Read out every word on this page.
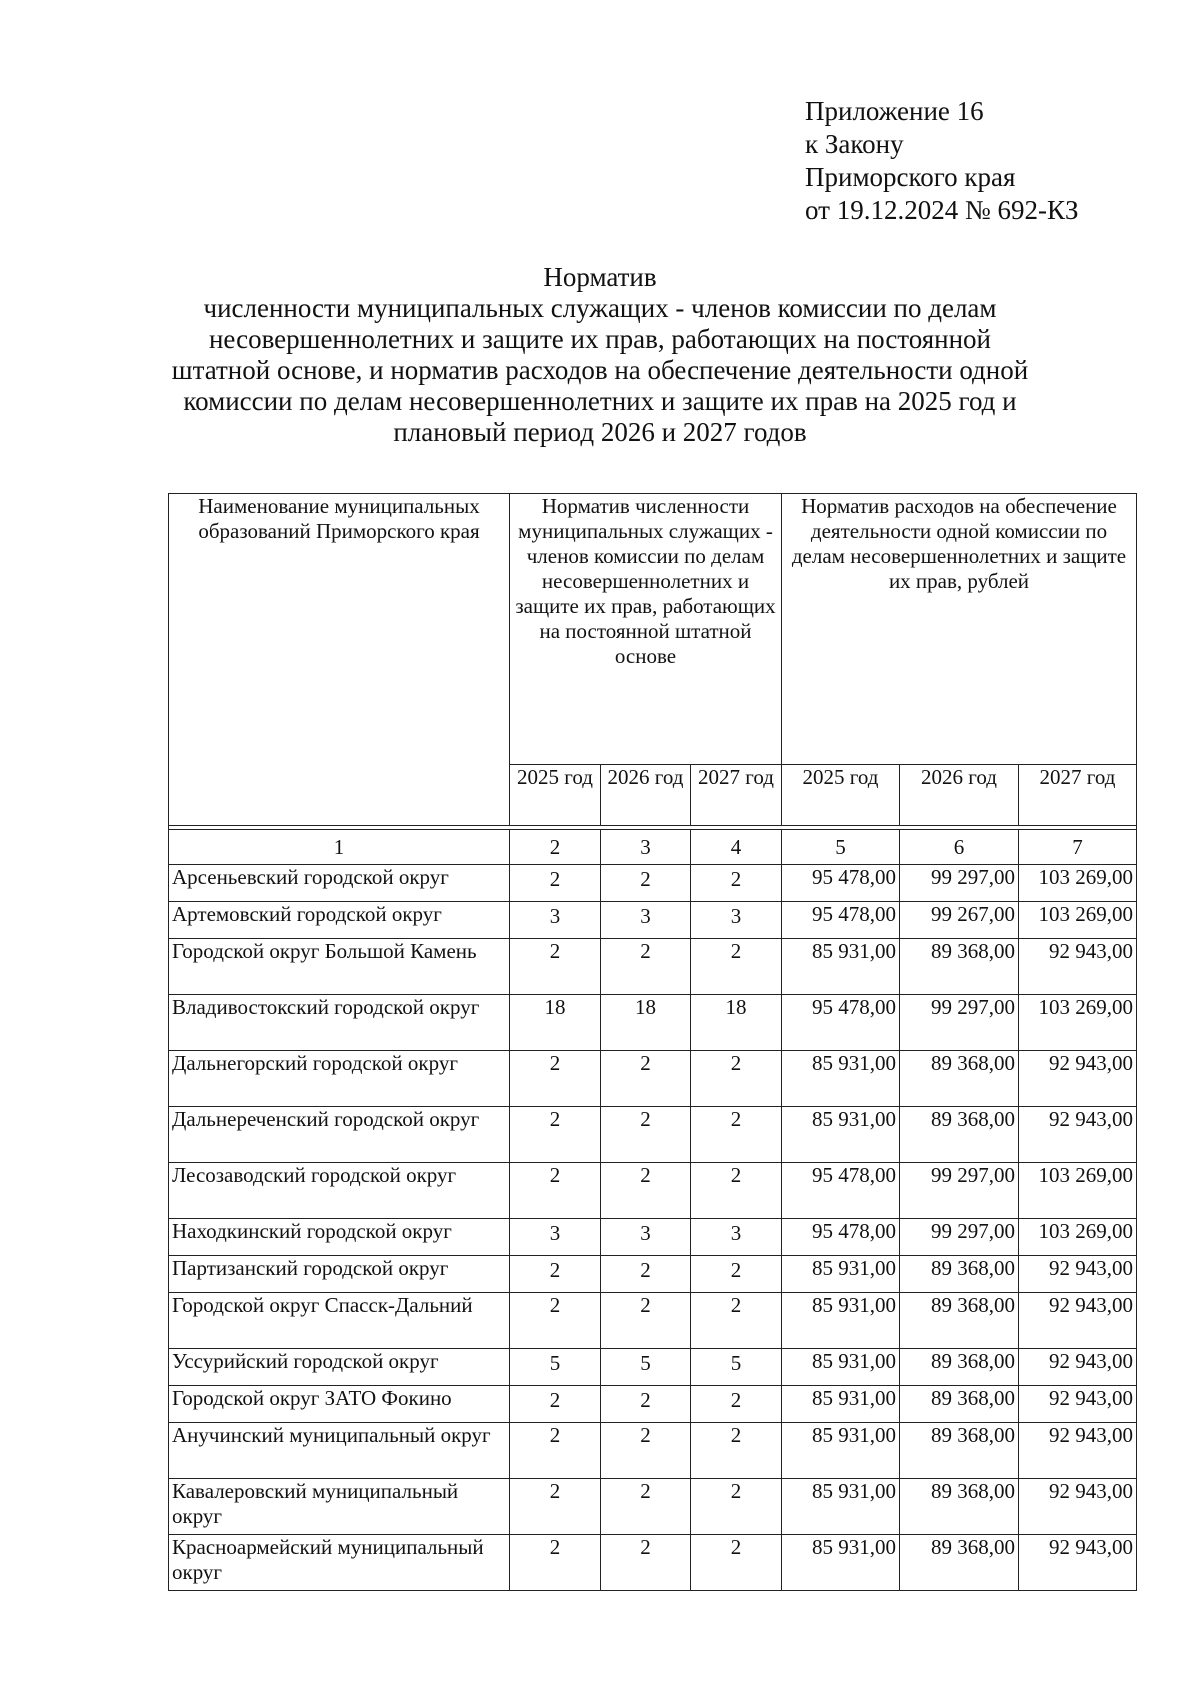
Приложение 16
к Закону
Приморского края
от 19.12.2024 № 692-КЗ
Норматив
численности муниципальных служащих - членов комиссии по делам
несовершеннолетних и защите их прав, работающих на постоянной
штатной основе, и норматив расходов на обеспечение деятельности одной
комиссии по делам несовершеннолетних и защите их прав на 2025 год и
плановый период 2026 и 2027 годов
Наименование муниципальных образований Приморского края	Норматив численности муниципальных служащих - членов комиссии по делам несовершеннолетних и защите их прав, работающих на постоянной штатной основе			Норматив расходов на обеспечение деятельности одной комиссии по делам несовершеннолетних и защите их прав, рублей		
	2025 год	2026 год	2027 год	2025 год	2026 год	2027 год

1	2	3	4	5	6	7
Арсеньевский городской округ	2	2	2	95 478,00	99 297,00	103 269,00
Артемовский городской округ	3	3	3	95 478,00	99 267,00	103 269,00
Городской округ Большой Камень	2	2	2	85 931,00	89 368,00	92 943,00
Владивостокский городской округ	18	18	18	95 478,00	99 297,00	103 269,00
Дальнегорский городской округ	2	2	2	85 931,00	89 368,00	92 943,00
Дальнереченский городской округ	2	2	2	85 931,00	89 368,00	92 943,00
Лесозаводский городской округ	2	2	2	95 478,00	99 297,00	103 269,00
Находкинский городской округ	3	3	3	95 478,00	99 297,00	103 269,00
Партизанский городской округ	2	2	2	85 931,00	89 368,00	92 943,00
Городской округ Спасск-Дальний	2	2	2	85 931,00	89 368,00	92 943,00
Уссурийский городской округ	5	5	5	85 931,00	89 368,00	92 943,00
Городской округ ЗАТО Фокино	2	2	2	85 931,00	89 368,00	92 943,00
Анучинский муниципальный округ	2	2	2	85 931,00	89 368,00	92 943,00
Кавалеровский муниципальный округ	2	2	2	85 931,00	89 368,00	92 943,00
Красноармейский муниципальный округ	2	2	2	85 931,00	89 368,00	92 943,00
